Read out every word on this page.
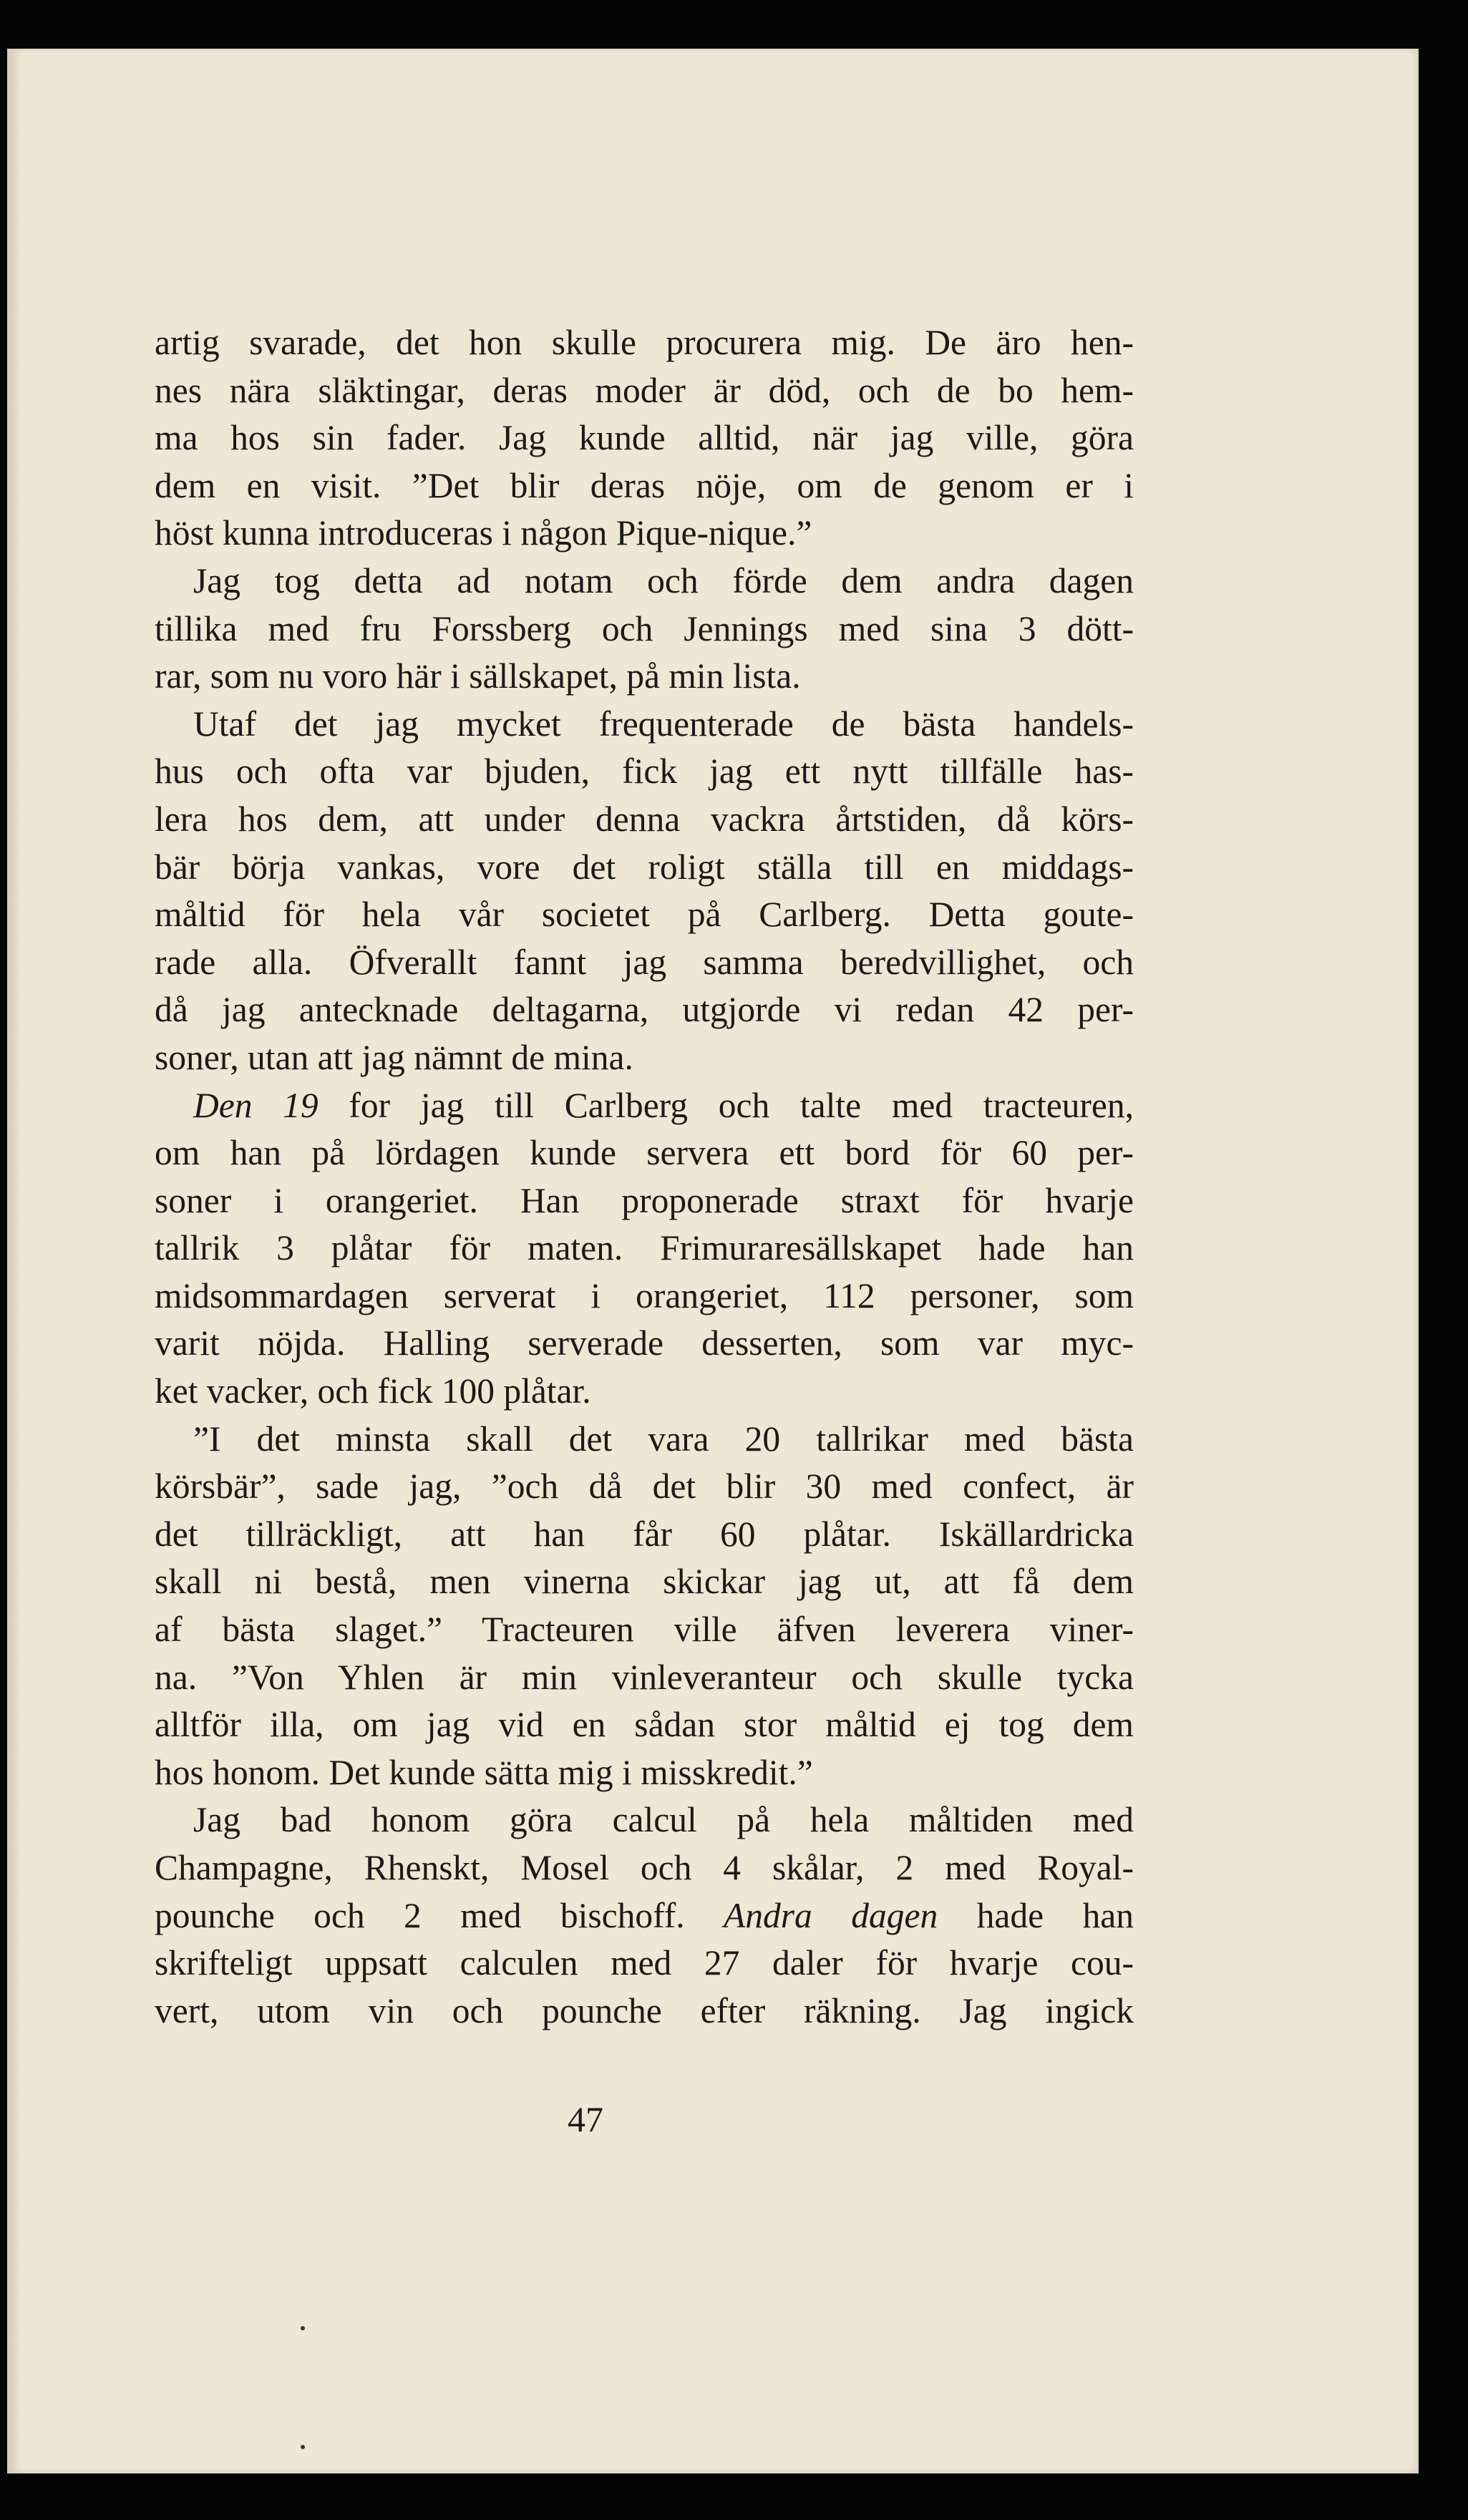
artig svarade, det hon skulle procurera mig. De äro hen-
nes nära släktingar, deras moder är död, och de bo hem-
ma hos sin fader. Jag kunde alltid, när jag ville, göra
dem en visit. ”Det blir deras nöje, om de genom er i
höst kunna introduceras i någon Pique-nique.”
Jag tog detta ad notam och förde dem andra dagen
tillika med fru Forssberg och Jennings med sina 3 dött-
rar, som nu voro här i sällskapet, på min lista.
Utaf det jag mycket frequenterade de bästa handels-
hus och ofta var bjuden, fick jag ett nytt tillfälle has-
lera hos dem, att under denna vackra årtstiden, då körs-
bär börja vankas, vore det roligt ställa till en middags-
måltid för hela vår societet på Carlberg. Detta goute-
rade alla. Öfverallt fannt jag samma beredvillighet, och
då jag antecknade deltagarna, utgjorde vi redan 42 per-
soner, utan att jag nämnt de mina.
Den 19 for jag till Carlberg och talte med tracteuren,
om han på lördagen kunde servera ett bord för 60 per-
soner i orangeriet. Han proponerade straxt för hvarje
tallrik 3 plåtar för maten. Frimuraresällskapet hade han
midsommardagen serverat i orangeriet, 112 personer, som
varit nöjda. Halling serverade desserten, som var myc-
ket vacker, och fick 100 plåtar.
”I det minsta skall det vara 20 tallrikar med bästa
körsbär”, sade jag, ”och då det blir 30 med confect, är
det tillräckligt, att han får 60 plåtar. Iskällardricka
skall ni bestå, men vinerna skickar jag ut, att få dem
af bästa slaget.” Tracteuren ville äfven leverera viner-
na. ”Von Yhlen är min vinleveranteur och skulle tycka
alltför illa, om jag vid en sådan stor måltid ej tog dem
hos honom. Det kunde sätta mig i misskredit.”
Jag bad honom göra calcul på hela måltiden med
Champagne, Rhenskt, Mosel och 4 skålar, 2 med Royal-
pounche och 2 med bischoff. Andra dagen hade han
skrifteligt uppsatt calculen med 27 daler för hvarje cou-
vert, utom vin och pounche efter räkning. Jag ingick
47
